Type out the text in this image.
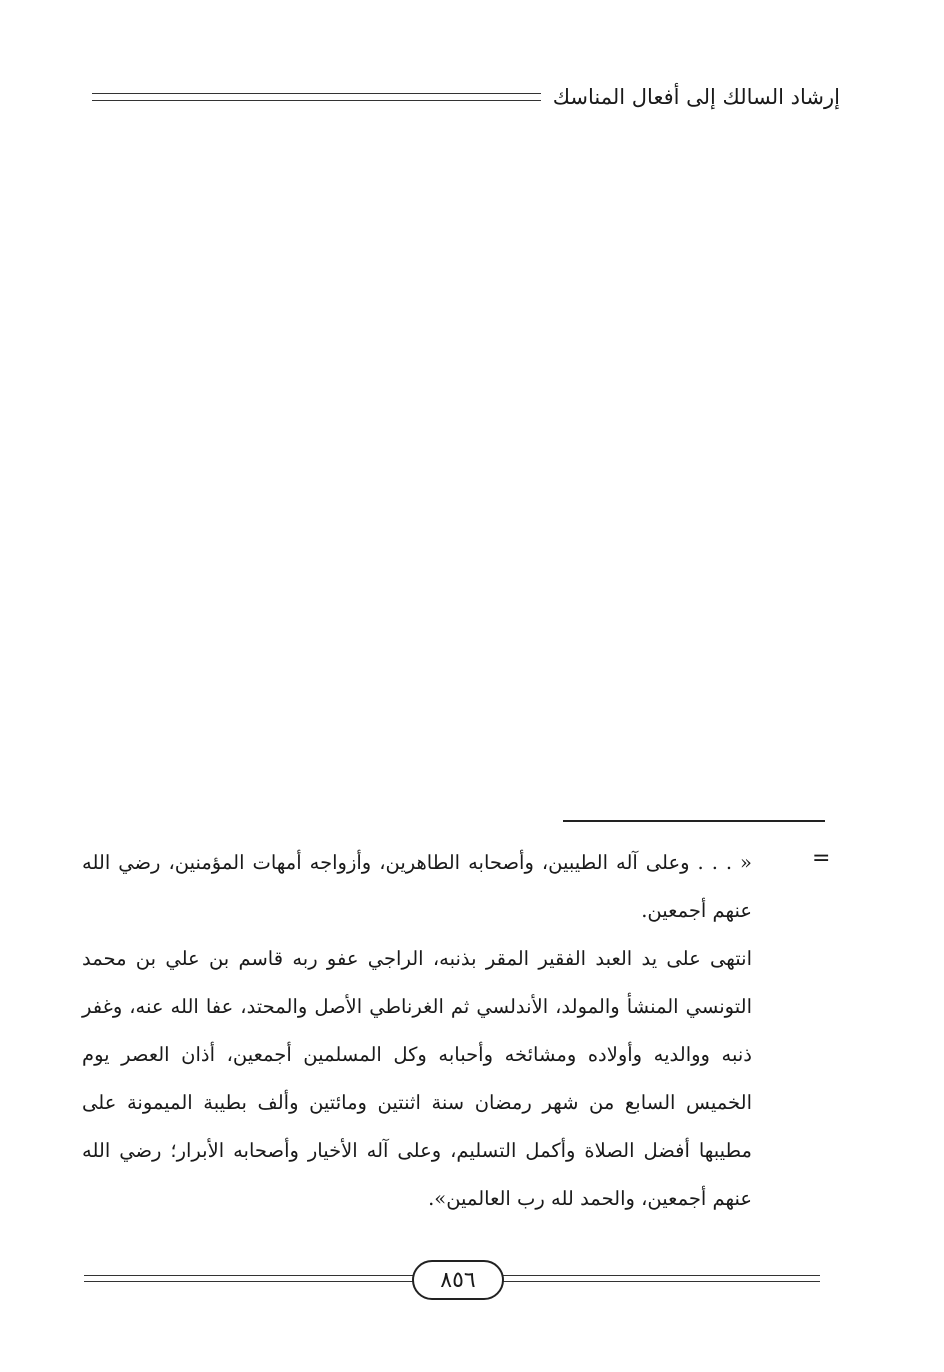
إرشاد السالك إلى أفعال المناسك
=

« . . . وعلى آله الطيبين، وأصحابه الطاهرين، وأزواجه أمهات المؤمنين، رضي الله عنهم أجمعين.

انتهى على يد العبد الفقير المقر بذنبه، الراجي عفو ربه قاسم بن علي بن محمد التونسي المنشأ والمولد، الأندلسي ثم الغرناطي الأصل والمحتد، عفا الله عنه، وغفر ذنبه ووالديه وأولاده ومشائخه وأحبابه وكل المسلمين أجمعين، أذان العصر يوم الخميس السابع من شهر رمضان سنة اثنتين ومائتين وألف بطيبة الميمونة على مطيبها أفضل الصلاة وأكمل التسليم، وعلى آله الأخيار وأصحابه الأبرار؛ رضي الله عنهم أجمعين، والحمد لله رب العالمين».

٨٥٦
